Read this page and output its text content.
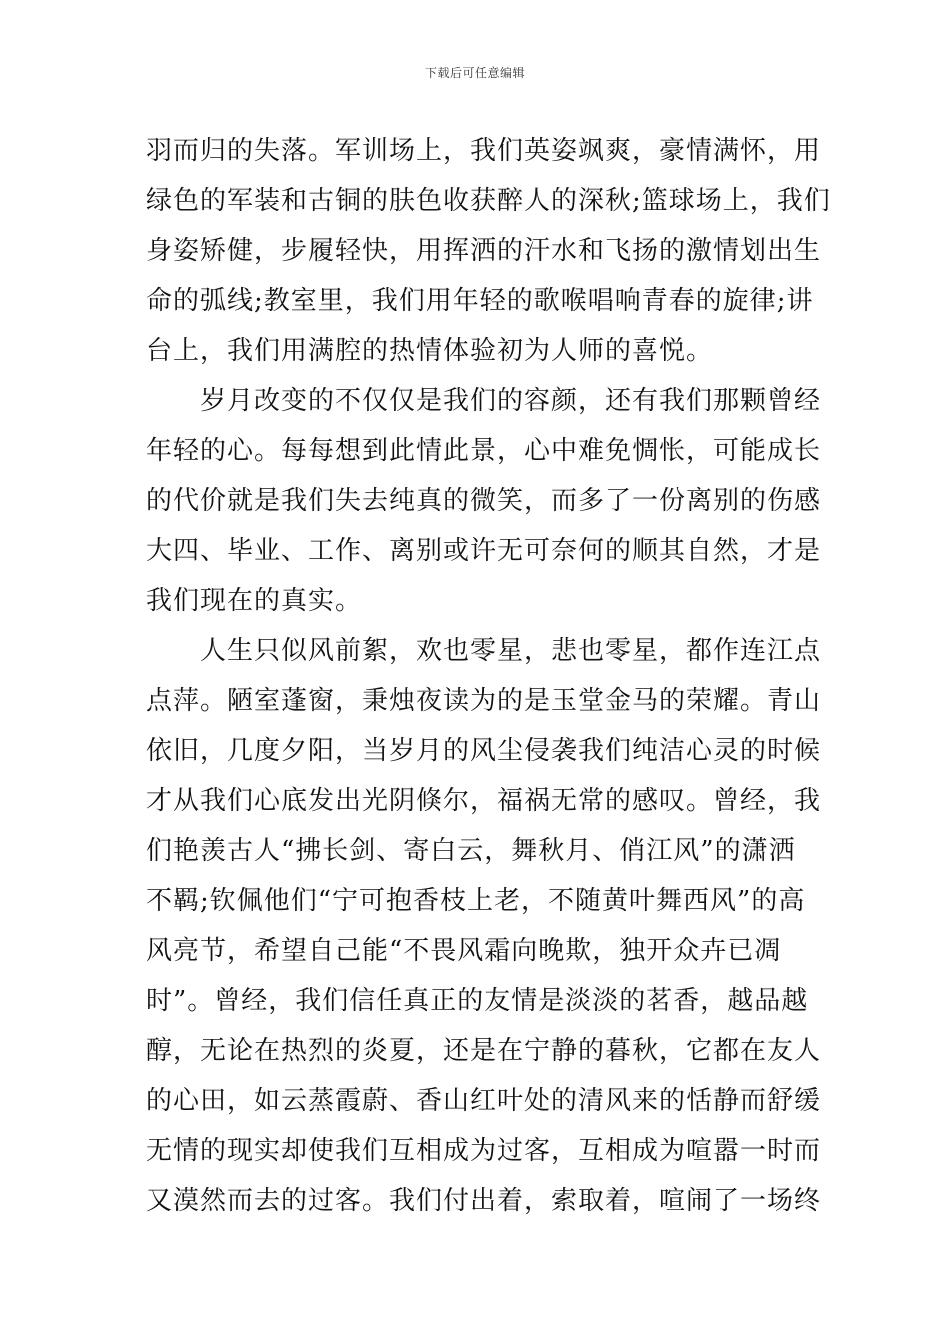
下载后可任意编辑
羽而归的失落。军训场上，我们英姿飒爽，豪情满怀，用
绿色的军装和古铜的肤色收获醉人的深秋;篮球场上，我们
身姿矫健，步履轻快，用挥洒的汗水和飞扬的激情划出生
命的弧线;教室里，我们用年轻的歌喉唱响青春的旋律;讲
台上，我们用满腔的热情体验初为人师的喜悦。
　　岁月改变的不仅仅是我们的容颜，还有我们那颗曾经
年轻的心。每每想到此情此景，心中难免惆怅，可能成长
的代价就是我们失去纯真的微笑，而多了一份离别的伤感
大四、毕业、工作、离别或许无可奈何的顺其自然，才是
我们现在的真实。
　　人生只似风前絮，欢也零星，悲也零星，都作连江点
点萍。陋室蓬窗，秉烛夜读为的是玉堂金马的荣耀。青山
依旧，几度夕阳，当岁月的风尘侵袭我们纯洁心灵的时候
才从我们心底发出光阴倏尔，福祸无常的感叹。曾经，我
们艳羡古人“拂长剑、寄白云，舞秋月、俏江风”的潇洒
不羁;钦佩他们“宁可抱香枝上老，不随黄叶舞西风”的高
风亮节，希望自己能“不畏风霜向晚欺，独开众卉已凋
时”。曾经，我们信任真正的友情是淡淡的茗香，越品越
醇，无论在热烈的炎夏，还是在宁静的暮秋，它都在友人
的心田，如云蒸霞蔚、香山红叶处的清风来的恬静而舒缓
无情的现实却使我们互相成为过客，互相成为喧嚣一时而
又漠然而去的过客。我们付出着，索取着，喧闹了一场终
